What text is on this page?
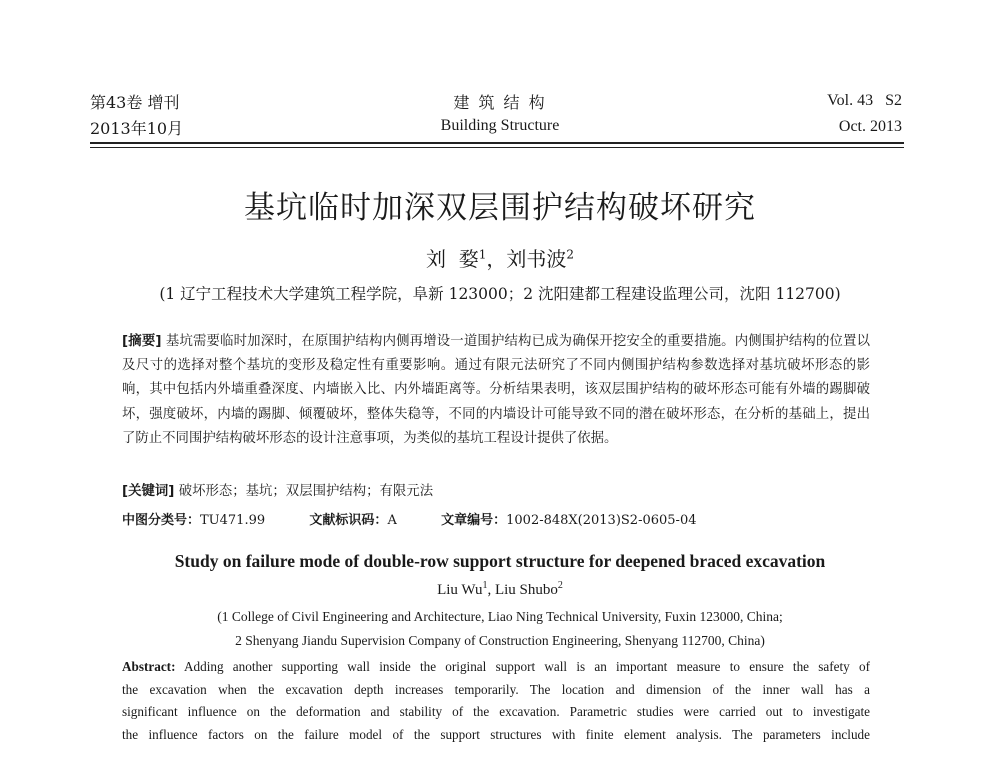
第43卷 增刊
2013年10月
建 筑 结 构
Building Structure
Vol. 43   S2
Oct. 2013
基坑临时加深双层围护结构破坏研究
刘  婺$^1$，刘书波$^2$
(1 辽宁工程技术大学建筑工程学院，阜新 123000；2 沈阳建都工程建设监理公司，沈阳 112700)
[摘要] 基坑需要临时加深时，在原围护结构内侧再增设一道围护结构已成为确保开挖安全的重要措施。内侧围护结构的位置以及尺寸的选择对整个基坑的变形及稳定性有重要影响。通过有限元法研究了不同内侧围护结构参数选择对基坑破坏形态的影响，其中包括内外墙重叠深度、内墙嵌入比、内外墙距离等。分析结果表明，该双层围护结构的破坏形态可能有外墙的踢脚破坏，强度破坏，内墙的踢脚、倾覆破坏，整体失稳等，不同的内墙设计可能导致不同的潜在破坏形态，在分析的基础上，提出了防止不同围护结构破坏形态的设计注意事项，为类似的基坑工程设计提供了依据。
[关键词] 破坏形态；基坑；双层围护结构；有限元法
中图分类号：TU471.99	文献标识码：A	文章编号：1002-848X(2013)S2-0605-04
Study on failure mode of double-row support structure for deepened braced excavation
Liu Wu$^1$, Liu Shubo$^2$
(1 College of Civil Engineering and Architecture, Liao Ning Technical University, Fuxin 123000, China;
2 Shenyang Jiandu Supervision Company of Construction Engineering, Shenyang 112700, China)
Abstract: Adding another supporting wall inside the original support wall is an important measure to ensure the safety of
the excavation when the excavation depth increases temporarily. The location and dimension of the inner wall has a
significant influence on the deformation and stability of the excavation. Parametric studies were carried out to investigate
the influence factors on the failure model of the support structures with finite element analysis. The parameters include
